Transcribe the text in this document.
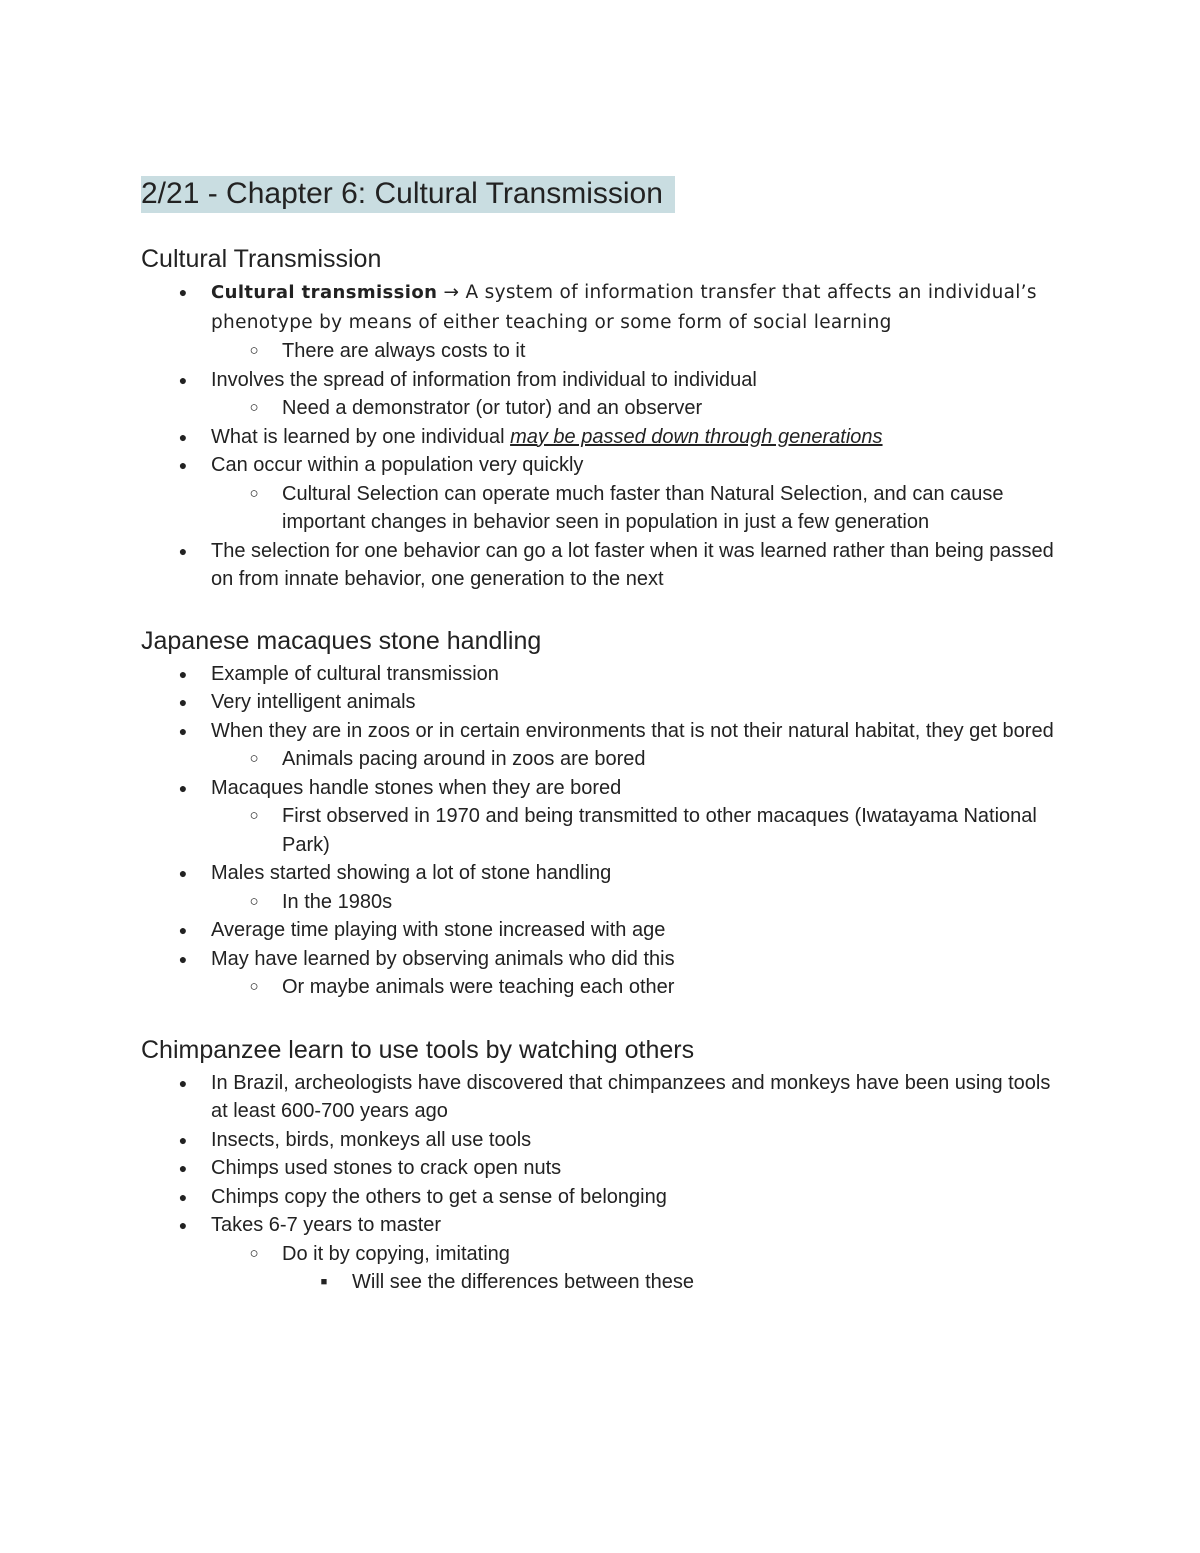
2/21 - Chapter 6: Cultural Transmission
Cultural Transmission
●	Cultural transmission → A system of information transfer that affects an individual’s phenotype by means of either teaching or some form of social learning
○ There are always costs to it
● Involves the spread of information from individual to individual
○ Need a demonstrator (or tutor) and an observer
● What is learned by one individual may be passed down through generations
● Can occur within a population very quickly
○ Cultural Selection can operate much faster than Natural Selection, and can cause important changes in behavior seen in population in just a few generation
● The selection for one behavior can go a lot faster when it was learned rather than being passed on from innate behavior, one generation to the next
Japanese macaques stone handling
● Example of cultural transmission
● Very intelligent animals
● When they are in zoos or in certain environments that is not their natural habitat, they get bored
○ Animals pacing around in zoos are bored
● Macaques handle stones when they are bored
○ First observed in 1970 and being transmitted to other macaques (Iwatayama National Park)
● Males started showing a lot of stone handling
○ In the 1980s
● Average time playing with stone increased with age
● May have learned by observing animals who did this
○ Or maybe animals were teaching each other
Chimpanzee learn to use tools by watching others
● In Brazil, archeologists have discovered that chimpanzees and monkeys have been using tools at least 600-700 years ago
● Insects, birds, monkeys all use tools
● Chimps used stones to crack open nuts
● Chimps copy the others to get a sense of belonging
● Takes 6-7 years to master
○ Do it by copying, imitating
■	Will see the differences between these
